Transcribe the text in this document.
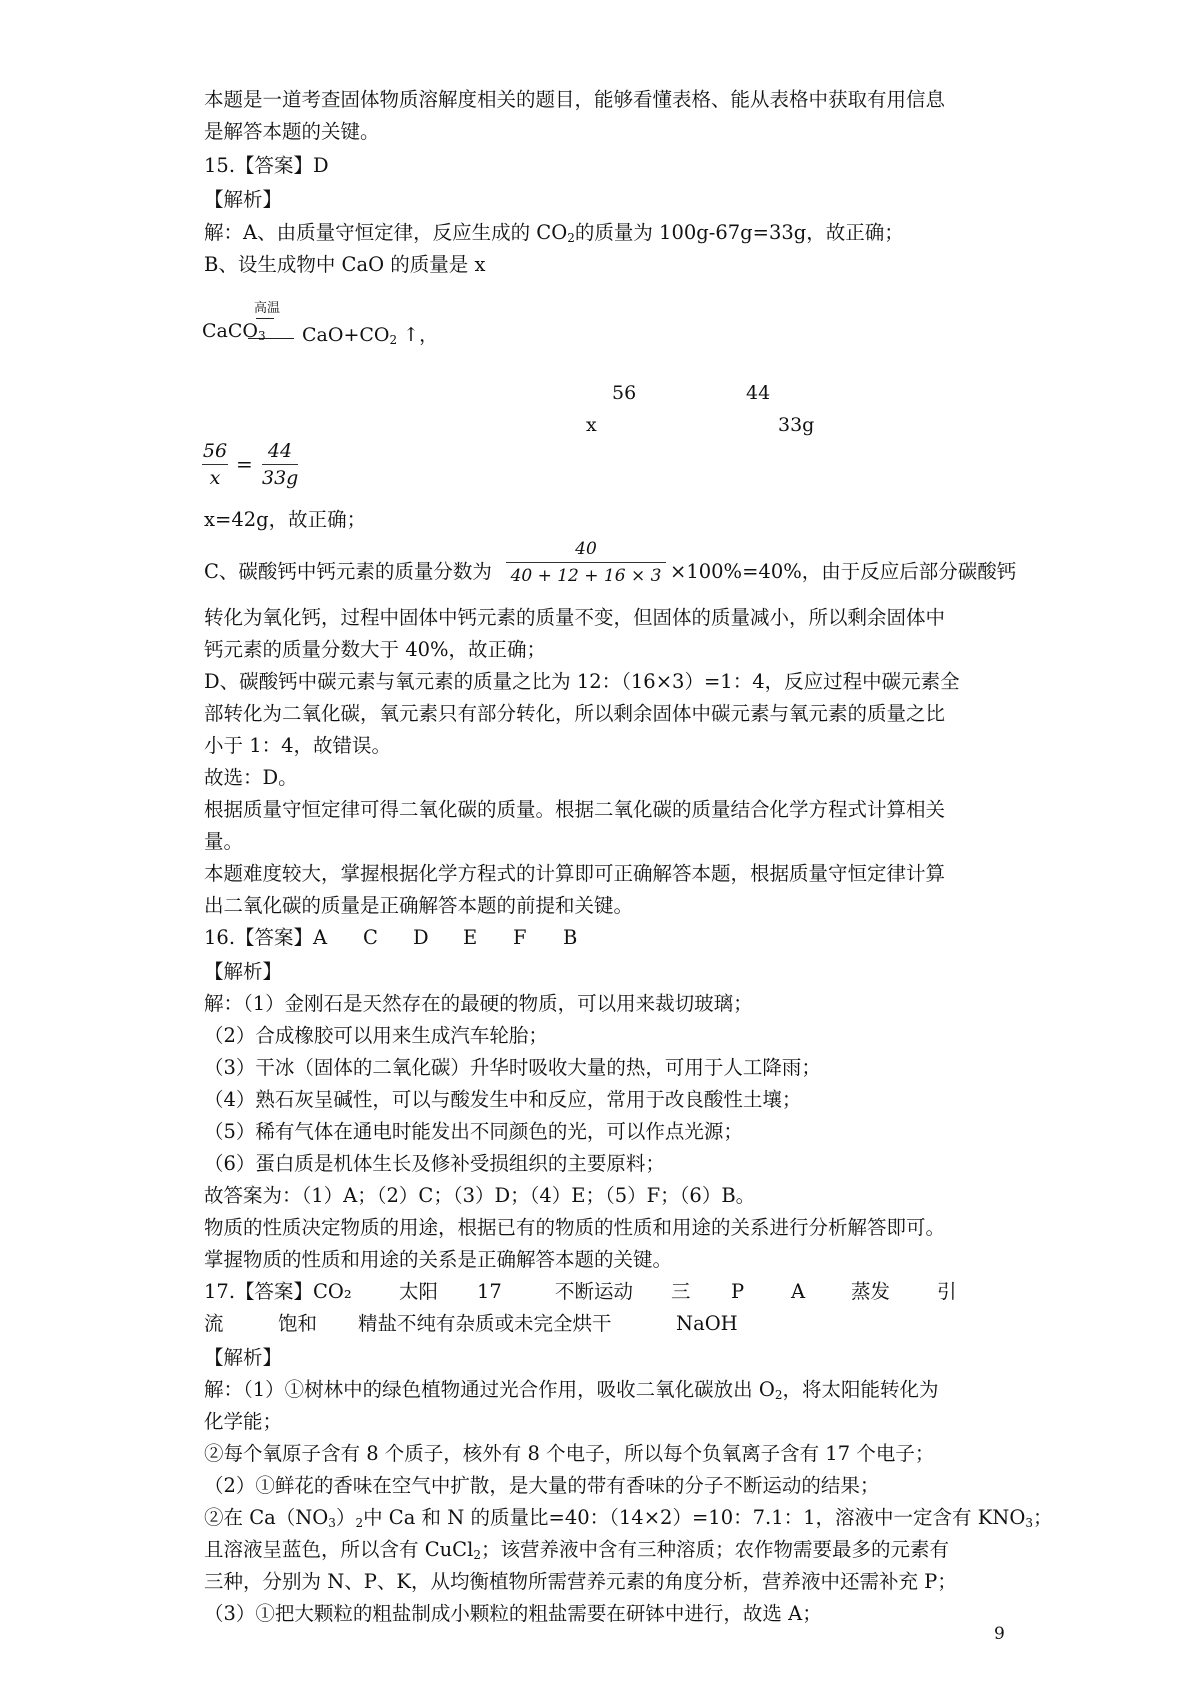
本题是一道考查固体物质溶解度相关的题目，能够看懂表格、能从表格中获取有用信息
是解答本题的关键。
15.【答案】D
【解析】
解：A、由质量守恒定律，反应生成的 $CO_2$的质量为 100g-67g=33g，故正确；
B、设生成物中 CaO 的质量是 x
高温
CaCO$_3$ $CaO+CO_2$ ↑，
56	44
x	33g
56
x
=
44
33g
x=42g，故正确；
C、碳酸钙中钙元素的质量分数为
40
40 + 12 + 16 × 3 ×100%=40%，由于反应后部分碳酸钙
转化为氧化钙，过程中固体中钙元素的质量不变，但固体的质量减小，所以剩余固体中
钙元素的质量分数大于 40%，故正确；
D、碳酸钙中碳元素与氧元素的质量之比为 12：（16×3）=1：4，反应过程中碳元素全
部转化为二氧化碳，氧元素只有部分转化，所以剩余固体中碳元素与氧元素的质量之比
小于 1：4，故错误。
故选：D。
根据质量守恒定律可得二氧化碳的质量。根据二氧化碳的质量结合化学方程式计算相关
量。
本题难度较大，掌握根据化学方程式的计算即可正确解答本题，根据质量守恒定律计算
出二氧化碳的质量是正确解答本题的前提和关键。
16.【答案】A C D E F B
【解析】
解：（1）金刚石是天然存在的最硬的物质，可以用来裁切玻璃；
（2）合成橡胶可以用来生成汽车轮胎；
（3）干冰（固体的二氧化碳）升华时吸收大量的热，可用于人工降雨；
（4）熟石灰呈碱性，可以与酸发生中和反应，常用于改良酸性土壤；
（5）稀有气体在通电时能发出不同颜色的光，可以作点光源；
（6）蛋白质是机体生长及修补受损组织的主要原料；
故答案为：（1）A；（2）C；（3）D；（4）E；（5）F；（6）B。
物质的性质决定物质的用途，根据已有的物质的性质和用途的关系进行分析解答即可。
掌握物质的性质和用途的关系是正确解答本题的关键。
17.【答案】CO₂ 太阳 17	不断运动 三 P A 蒸发 引
流	饱和 精盐不纯有杂质或未完全烘干	NaOH
【解析】
解：（1）①树林中的绿色植物通过光合作用，吸收二氧化碳放出 $O_2$，将太阳能转化为
化学能；
②每个氧原子含有 8 个质子，核外有 8 个电子，所以每个负氧离子含有 17 个电子；
（2）①鲜花的香味在空气中扩散，是大量的带有香味的分子不断运动的结果；
②在 $Ca(NO_3)_2$中 Ca 和 N 的质量比=40：（14×2）=10：7.1：1，溶液中一定含有 $KNO_3$；
且溶液呈蓝色，所以含有 CuCl$_2$；该营养液中含有三种溶质；农作物需要最多的元素有
三种，分别为 N、P、K，从均衡植物所需营养元素的角度分析，营养液中还需补充 P；
（3）①把大颗粒的粗盐制成小颗粒的粗盐需要在研钵中进行，故选 A；
9
